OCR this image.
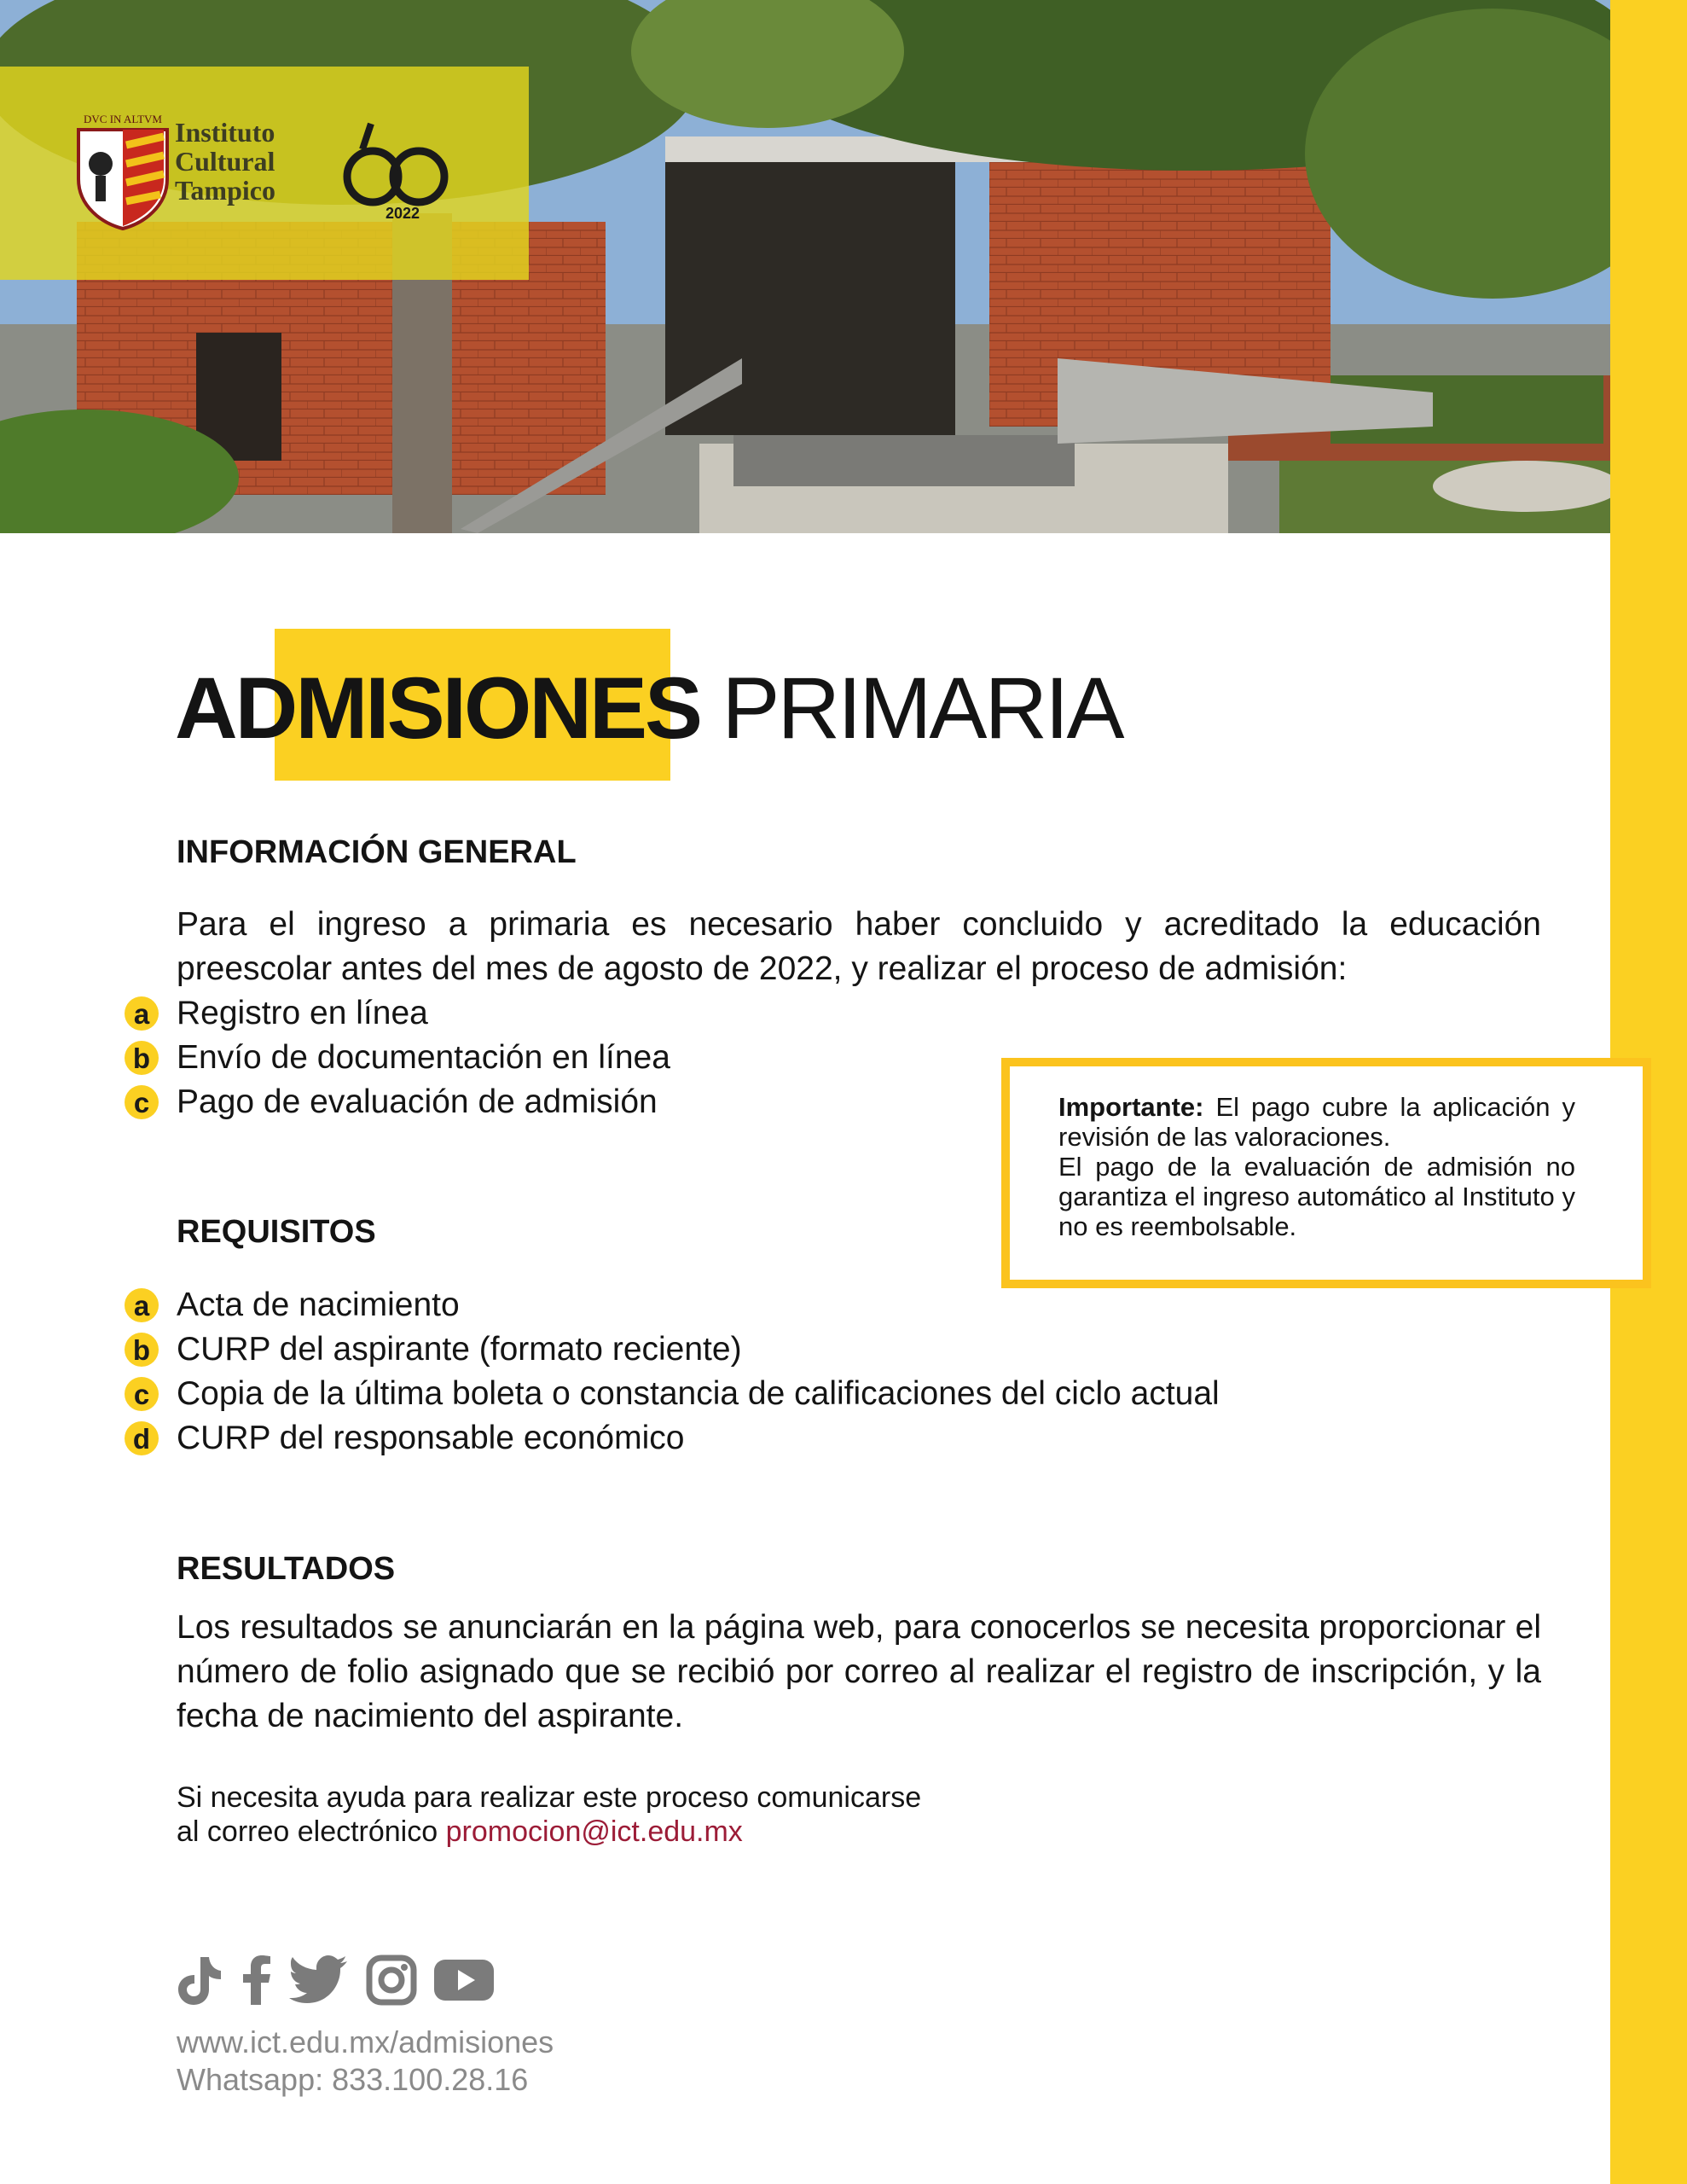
DVC IN ALTVM Instituto
Cultural
Tampico
2022
ADMISIONES PRIMARIA
INFORMACIÓN GENERAL

Para el ingreso a primaria es necesario haber concluido y acreditado la educación preescolar antes del mes de agosto de 2022, y realizar el proceso de admisión:

a Registro en línea
b Envío de documentación en línea
c Pago de evaluación de admisión	Importante: El pago cubre la aplicación y revisión de las valoraciones.
El pago de la evaluación de admisión no garantiza el ingreso automático al Instituto y no es reembolsable.
REQUISITOS
a Acta de nacimiento
b CURP del aspirante (formato reciente)
c Copia de la última boleta o constancia de calificaciones del ciclo actual
d CURP del responsable económico
RESULTADOS

Los resultados se anunciarán en la página web, para conocerlos se necesita proporcionar el número de folio asignado que se recibió por correo al realizar el registro de inscripción, y la fecha de nacimiento del aspirante.

Si necesita ayuda para realizar este proceso comunicarse
al correo electrónico promocion@ict.edu.mx
www.ict.edu.mx/admisiones
Whatsapp: 833.100.28.16
